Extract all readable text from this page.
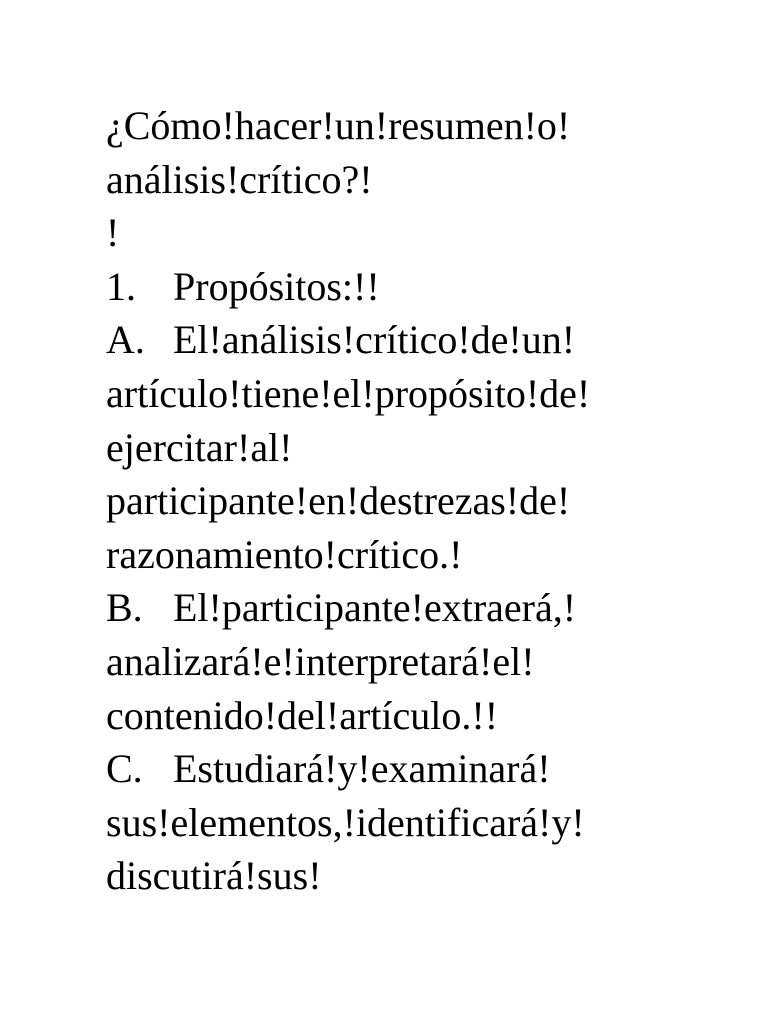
¿Cómo!hacer!un!resumen!o!
análisis!crítico?!
!
1. Propósitos:!!
A. El!análisis!crítico!de!un!
artículo!tiene!el!propósito!de!
ejercitar!al!
participante!en!destrezas!de!
razonamiento!crítico.!
B. El!participante!extraerá,!
analizará!e!interpretará!el!
contenido!del!artículo.!!
C. Estudiará!y!examinará!
sus!elementos,!identificará!y!
discutirá!sus!
